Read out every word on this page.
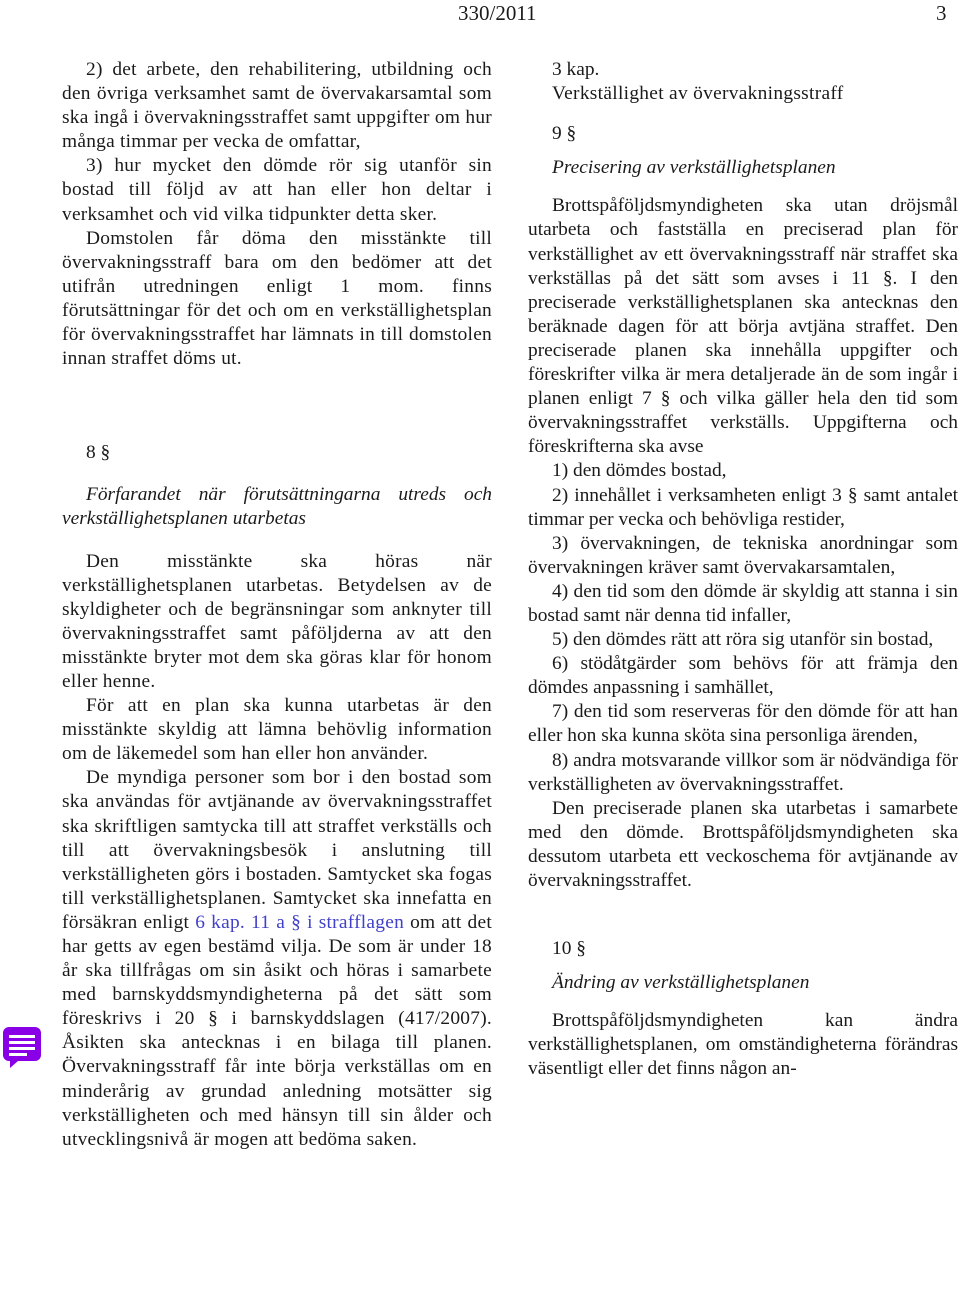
330/2011	3

2) det arbete, den rehabilitering, utbildning och den övriga verksamhet samt de övervakarsamtal som ska ingå i övervakningsstraffet samt uppgifter om hur många timmar per vecka de omfattar,

3) hur mycket den dömde rör sig utanför sin bostad till följd av att han eller hon deltar i verksamhet och vid vilka tidpunkter detta sker.

Domstolen får döma den misstänkte till övervakningsstraff bara om den bedömer att det utifrån utredningen enligt 1 mom. finns förutsättningar för det och om en verkställighetsplan för övervakningsstraffet har lämnats in till domstolen innan straffet döms ut.

8 §

Förfarandet när förutsättningarna utreds och verkställighetsplanen utarbetas

Den misstänkte ska höras när verkställighetsplanen utarbetas. Betydelsen av de skyldigheter och de begränsningar som anknyter till övervakningsstraffet samt påföljderna av att den misstänkte bryter mot dem ska göras klar för honom eller henne.

För att en plan ska kunna utarbetas är den misstänkte skyldig att lämna behövlig information om de läkemedel som han eller hon använder.

De myndiga personer som bor i den bostad som ska användas för avtjänande av övervakningsstraffet ska skriftligen samtycka till att straffet verkställs och till att övervakningsbesök i anslutning till verkställigheten görs i bostaden. Samtycket ska fogas till verkställighetsplanen. Samtycket ska innefatta en försäkran enligt 6 kap. 11 a § i strafflagen om att det har getts av egen bestämd vilja. De som är under 18 år ska tillfrågas om sin åsikt och höras i samarbete med barnskyddsmyndigheterna på det sätt som föreskrivs i 20 § i barnskyddslagen (417/2007). Åsikten ska antecknas i en bilaga till planen. Övervakningsstraff får inte börja verkställas om en minderårig av grundad anledning motsätter sig verkställigheten och med hänsyn till sin ålder och utvecklingsnivå är mogen att bedöma saken.

3 kap.

Verkställighet av övervakningsstraff

9 §

Precisering av verkställighetsplanen

Brottspåföljdsmyndigheten ska utan dröjsmål utarbeta och fastställa en preciserad plan för verkställighet av ett övervakningsstraff när straffet ska verkställas på det sätt som avses i 11 §. I den preciserade verkställighetsplanen ska antecknas den beräknade dagen för att börja avtjäna straffet. Den preciserade planen ska innehålla uppgifter och föreskrifter vilka är mera detaljerade än de som ingår i planen enligt 7 § och vilka gäller hela den tid som övervakningsstraffet verkställs. Uppgifterna och föreskrifterna ska avse

1) den dömdes bostad,

2) innehållet i verksamheten enligt 3 § samt antalet timmar per vecka och behövliga restider,

3) övervakningen, de tekniska anordningar som övervakningen kräver samt övervakarsamtalen,

4) den tid som den dömde är skyldig att stanna i sin bostad samt när denna tid infaller,

5) den dömdes rätt att röra sig utanför sin bostad,

6) stödåtgärder som behövs för att främja den dömdes anpassning i samhället,

7) den tid som reserveras för den dömde för att han eller hon ska kunna sköta sina personliga ärenden,

8) andra motsvarande villkor som är nödvändiga för verkställigheten av övervakningsstraffet.

Den preciserade planen ska utarbetas i samarbete med den dömde. Brottspåföljdsmyndigheten ska dessutom utarbeta ett veckoschema för avtjänande av övervakningsstraffet.

10 §

Ändring av verkställighetsplanen

Brottspåföljdsmyndigheten kan ändra verkställighetsplanen, om omständigheterna förändras väsentligt eller det finns någon an-
